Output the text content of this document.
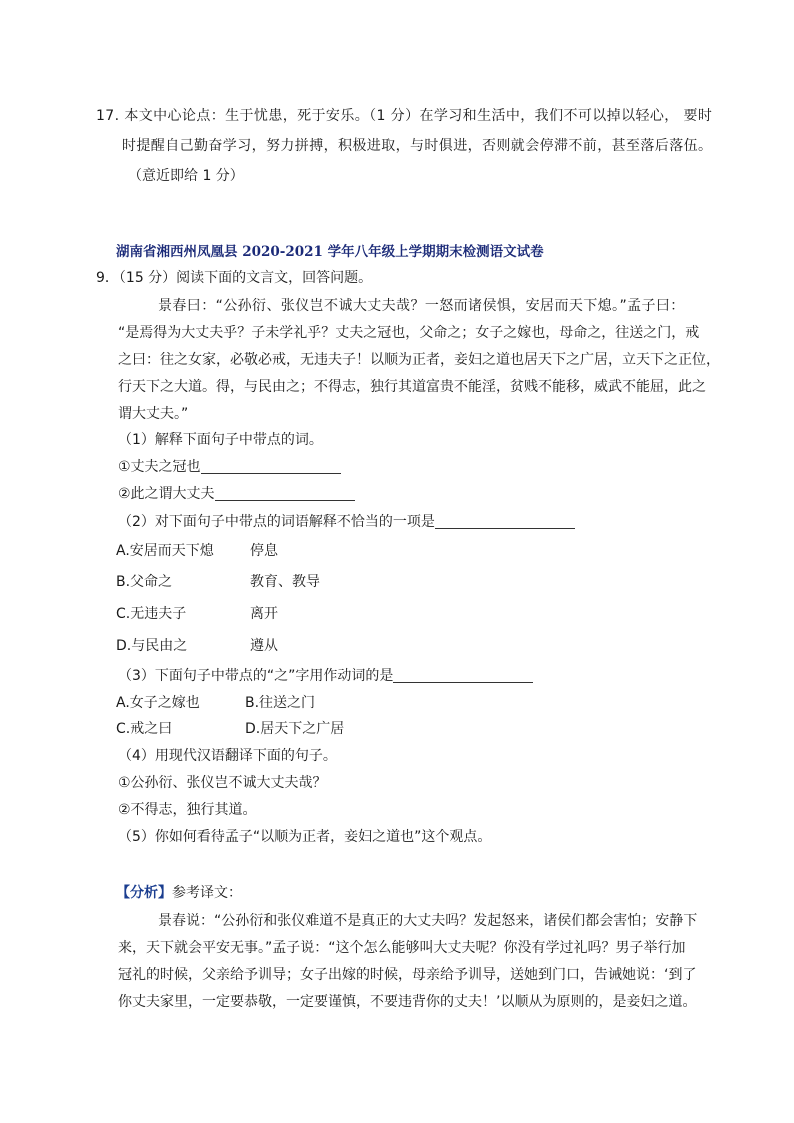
17. 本文中心论点：生于忧患，死于安乐。（1 分）在学习和生活中，我们不可以掉以轻心， 要时
时提醒自己勤奋学习，努力拼搏，积极进取，与时俱进，否则就会停滞不前，甚至落后落伍。
（意近即给 1 分）
湖南省湘西州凤凰县 2020-2021 学年八年级上学期期末检测语文试卷
9．（15 分）阅读下面的文言文，回答问题。
景春曰：“公孙衍、张仪岂不诚大丈夫哉？一怒而诸侯惧，安居而天下熄。”孟子曰：
“是焉得为大丈夫乎？子未学礼乎？丈夫之冠也，父命之；女子之嫁也，母命之，往送之门，戒
之曰：往之女家，必敬必戒，无违夫子！以顺为正者，妾妇之道也居天下之广居，立天下之正位，
行天下之大道。得，与民由之；不得志，独行其道富贵不能淫，贫贱不能移，威武不能屈，此之
谓大丈夫。”
（1）解释下面句子中带点的词。
①丈夫之冠也
②此之谓大丈夫
（2）对下面句子中带点的词语解释不恰当的一项是
A.安居而天下熄	停息
B.父命之	教育、教导
C.无违夫子	离开
D.与民由之	遵从
（3）下面句子中带点的“之”字用作动词的是
A.女子之嫁也	B.往送之门
C.戒之曰	D.居天下之广居
（4）用现代汉语翻译下面的句子。
①公孙衍、张仪岂不诚大丈夫哉？
②不得志，独行其道。
（5）你如何看待孟子“以顺为正者，妾妇之道也”这个观点。
【分析】参考译文：
景春说：“公孙衍和张仪难道不是真正的大丈夫吗？发起怒来，诸侯们都会害怕；安静下
来，天下就会平安无事。”孟子说：“这个怎么能够叫大丈夫呢？你没有学过礼吗？男子举行加
冠礼的时候，父亲给予训导；女子出嫁的时候，母亲给予训导，送她到门口，告诫她说：‘到了
你丈夫家里，一定要恭敬，一定要谨慎，不要违背你的丈夫！’以顺从为原则的，是妾妇之道。
